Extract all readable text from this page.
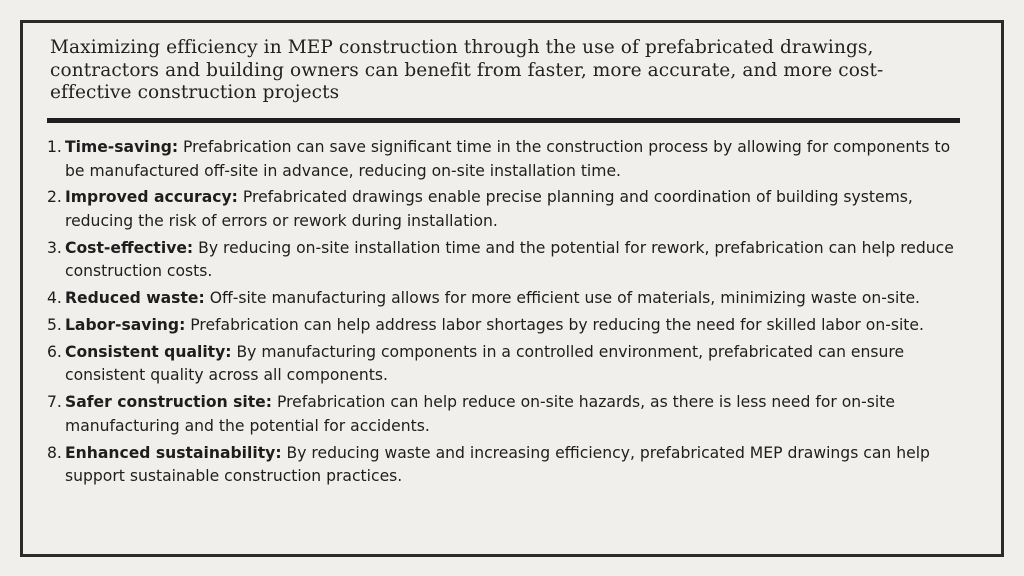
Maximizing efficiency in MEP construction through the use of prefabricated drawings, contractors and building owners can benefit from faster, more accurate, and more cost-effective construction projects
1. Time-saving: Prefabrication can save significant time in the construction process by allowing for components to be manufactured off-site in advance, reducing on-site installation time.
2. Improved accuracy: Prefabricated drawings enable precise planning and coordination of building systems, reducing the risk of errors or rework during installation.
3. Cost-effective: By reducing on-site installation time and the potential for rework, prefabrication can help reduce construction costs.
4. Reduced waste: Off-site manufacturing allows for more efficient use of materials, minimizing waste on-site.
5. Labor-saving: Prefabrication can help address labor shortages by reducing the need for skilled labor on-site.
6. Consistent quality: By manufacturing components in a controlled environment, prefabricated can ensure consistent quality across all components.
7. Safer construction site: Prefabrication can help reduce on-site hazards, as there is less need for on-site manufacturing and the potential for accidents.
8. Enhanced sustainability: By reducing waste and increasing efficiency, prefabricated MEP drawings can help support sustainable construction practices.
